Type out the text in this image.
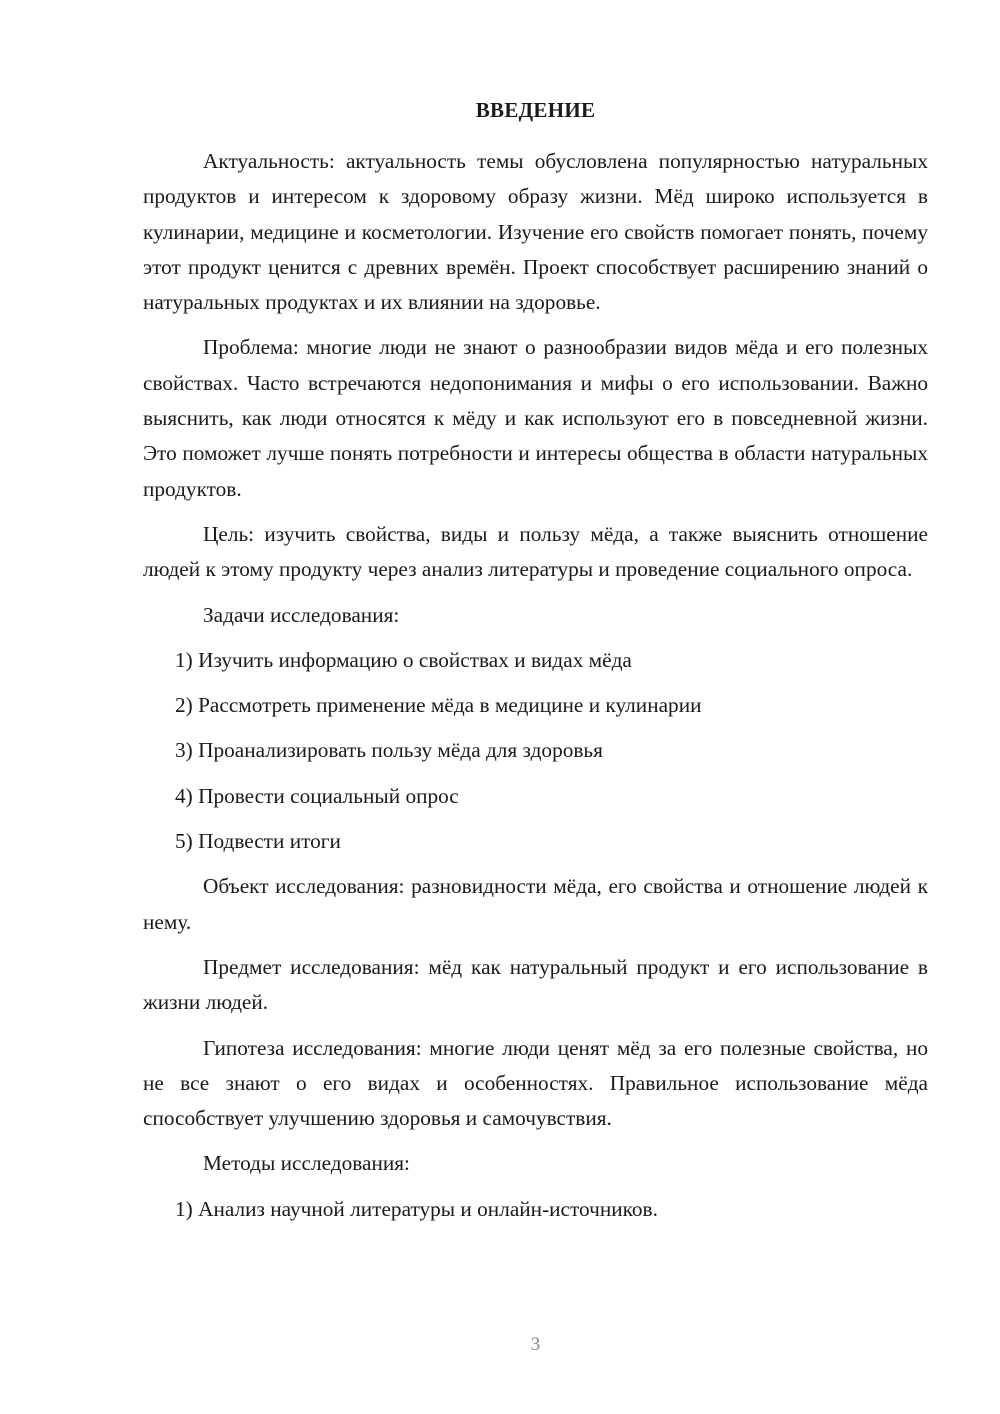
ВВЕДЕНИЕ

Актуальность: актуальность темы обусловлена популярностью натуральных продуктов и интересом к здоровому образу жизни. Мёд широко используется в кулинарии, медицине и косметологии. Изучение его свойств помогает понять, почему этот продукт ценится с древних времён. Проект способствует расширению знаний о натуральных продуктах и их влиянии на здоровье.

Проблема: многие люди не знают о разнообразии видов мёда и его полезных свойствах. Часто встречаются недопонимания и мифы о его использовании. Важно выяснить, как люди относятся к мёду и как используют его в повседневной жизни. Это поможет лучше понять потребности и интересы общества в области натуральных продуктов.

Цель: изучить свойства, виды и пользу мёда, а также выяснить отношение людей к этому продукту через анализ литературы и проведение социального опроса.

Задачи исследования:

1) Изучить информацию о свойствах и видах мёда
2) Рассмотреть применение мёда в медицине и кулинарии
3) Проанализировать пользу мёда для здоровья
4) Провести социальный опрос
5) Подвести итоги

Объект исследования: разновидности мёда, его свойства и отношение людей к нему.

Предмет исследования: мёд как натуральный продукт и его использование в жизни людей.

Гипотеза исследования: многие люди ценят мёд за его полезные свойства, но не все знают о его видах и особенностях. Правильное использование мёда способствует улучшению здоровья и самочувствия.

Методы исследования:

1) Анализ научной литературы и онлайн-источников.
3
